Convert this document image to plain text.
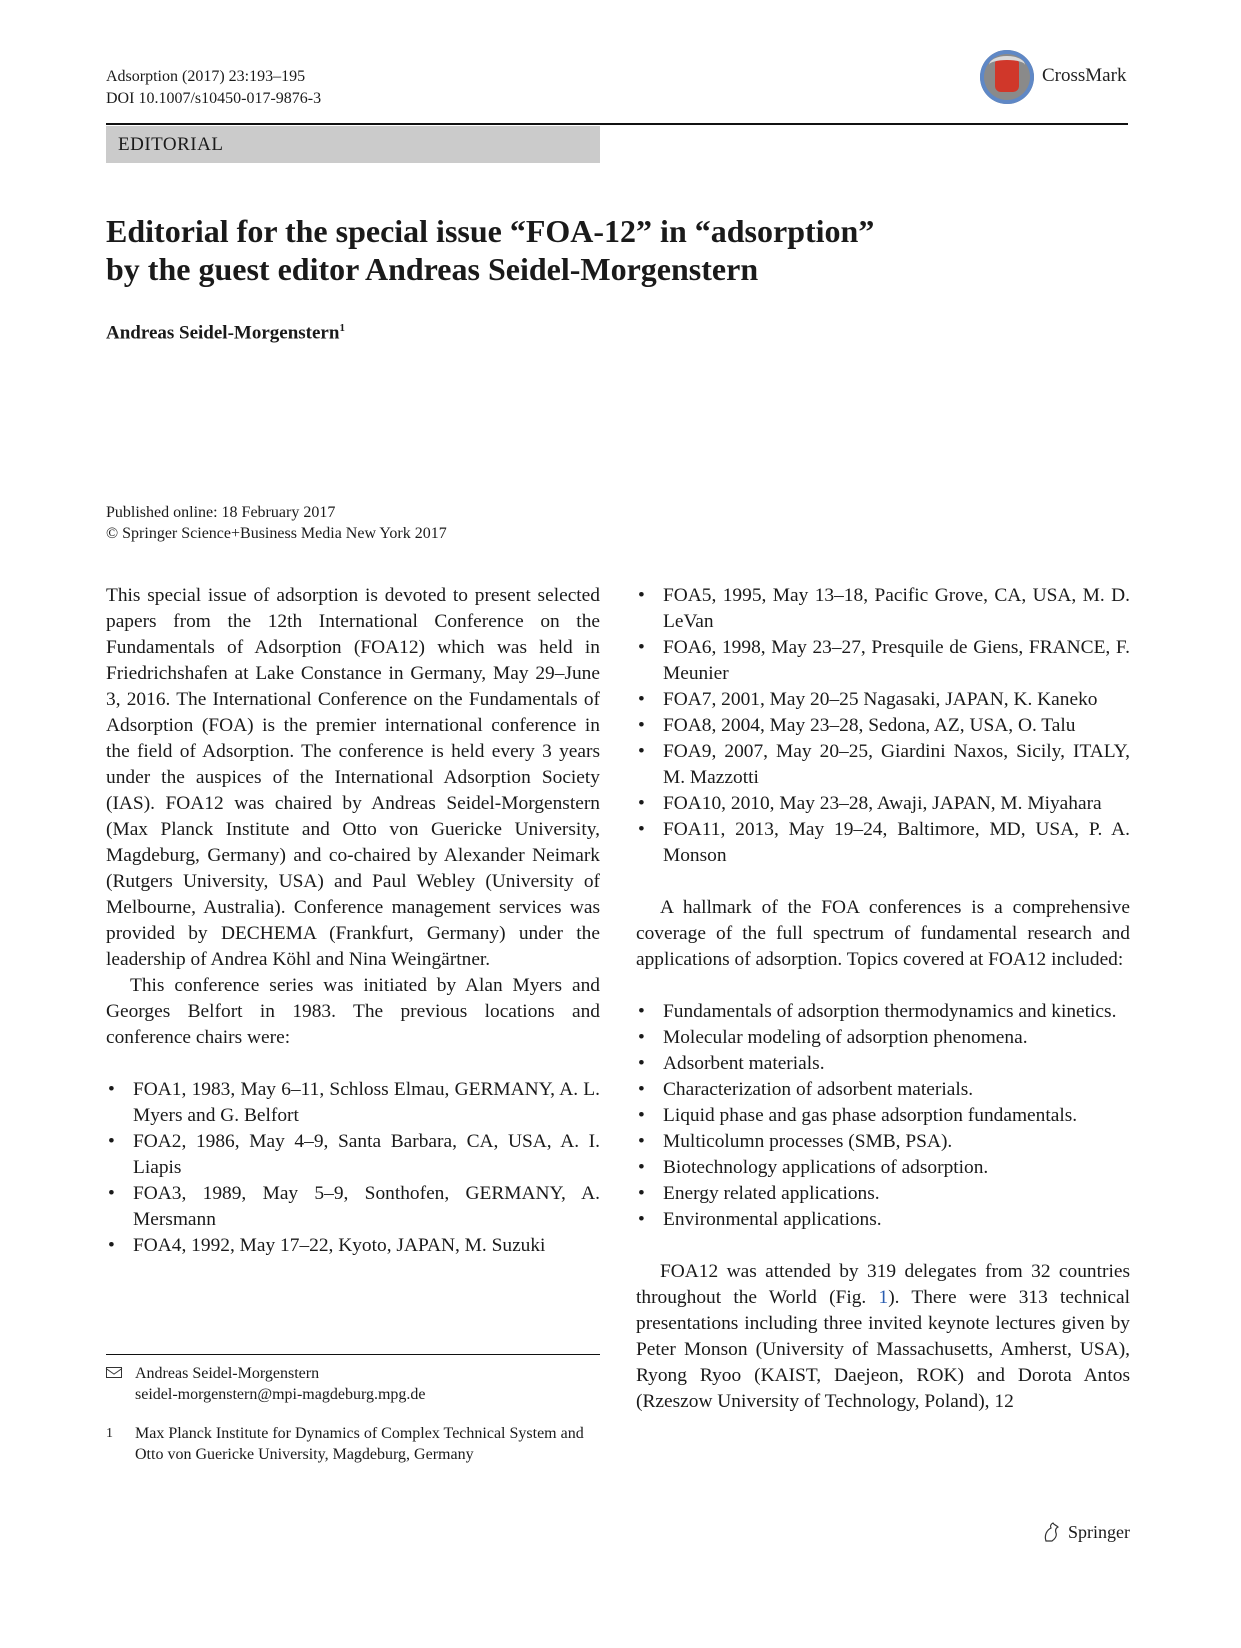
Adsorption (2017) 23:193–195
DOI 10.1007/s10450-017-9876-3
CrossMark
EDITORIAL
Editorial for the special issue “FOA-12” in “adsorption”
by the guest editor Andreas Seidel-Morgenstern
Andreas Seidel-Morgenstern$^1$
Published online: 18 February 2017
© Springer Science+Business Media New York 2017

This special issue of adsorption is devoted to present selected papers from the 12th International Conference on the Fundamentals of Adsorption (FOA12) which was held in Friedrichshafen at Lake Constance in Germany, May 29–June 3, 2016. The International Conference on the Fundamentals of Adsorption (FOA) is the premier international conference in the field of Adsorption. The conference is held every 3 years under the auspices of the International Adsorption Society (IAS). FOA12 was chaired by Andreas Seidel-Morgenstern (Max Planck Institute and Otto von Guericke University, Magdeburg, Germany) and co-chaired by Alexander Neimark (Rutgers University, USA) and Paul Webley (University of Melbourne, Australia). Conference management services was provided by DECHEMA (Frankfurt, Germany) under the leadership of Andrea Köhl and Nina Weingärtner.

This conference series was initiated by Alan Myers and Georges Belfort in 1983. The previous locations and conference chairs were:

• FOA1, 1983, May 6–11, Schloss Elmau, GERMANY, A. L. Myers and G. Belfort
• FOA2, 1986, May 4–9, Santa Barbara, CA, USA, A. I. Liapis
• FOA3, 1989, May 5–9, Sonthofen, GERMANY, A. Mersmann
• FOA4, 1992, May 17–22, Kyoto, JAPAN, M. Suzuki
• FOA5, 1995, May 13–18, Pacific Grove, CA, USA, M. D. LeVan
• FOA6, 1998, May 23–27, Presquile de Giens, FRANCE, F. Meunier
• FOA7, 2001, May 20–25 Nagasaki, JAPAN, K. Kaneko
• FOA8, 2004, May 23–28, Sedona, AZ, USA, O. Talu
• FOA9, 2007, May 20–25, Giardini Naxos, Sicily, ITALY, M. Mazzotti
• FOA10, 2010, May 23–28, Awaji, JAPAN, M. Miyahara
• FOA11, 2013, May 19–24, Baltimore, MD, USA, P. A. Monson

A hallmark of the FOA conferences is a comprehensive coverage of the full spectrum of fundamental research and applications of adsorption. Topics covered at FOA12 included:

• Fundamentals of adsorption thermodynamics and kinetics.
• Molecular modeling of adsorption phenomena.
• Adsorbent materials.
• Characterization of adsorbent materials.
• Liquid phase and gas phase adsorption fundamentals.
• Multicolumn processes (SMB, PSA).
• Biotechnology applications of adsorption.
• Energy related applications.
• Environmental applications.

FOA12 was attended by 319 delegates from 32 countries throughout the World (Fig. 1). There were 313 technical presentations including three invited keynote lectures given by Peter Monson (University of Massachusetts, Amherst, USA), Ryong Ryoo (KAIST, Daejeon, ROK) and Dorota Antos (Rzeszow University of Technology, Poland), 12

Andreas Seidel-Morgenstern
seidel-morgenstern@mpi-magdeburg.mpg.de
1	Max Planck Institute for Dynamics of Complex Technical System and Otto von Guericke University, Magdeburg, Germany
Springer
